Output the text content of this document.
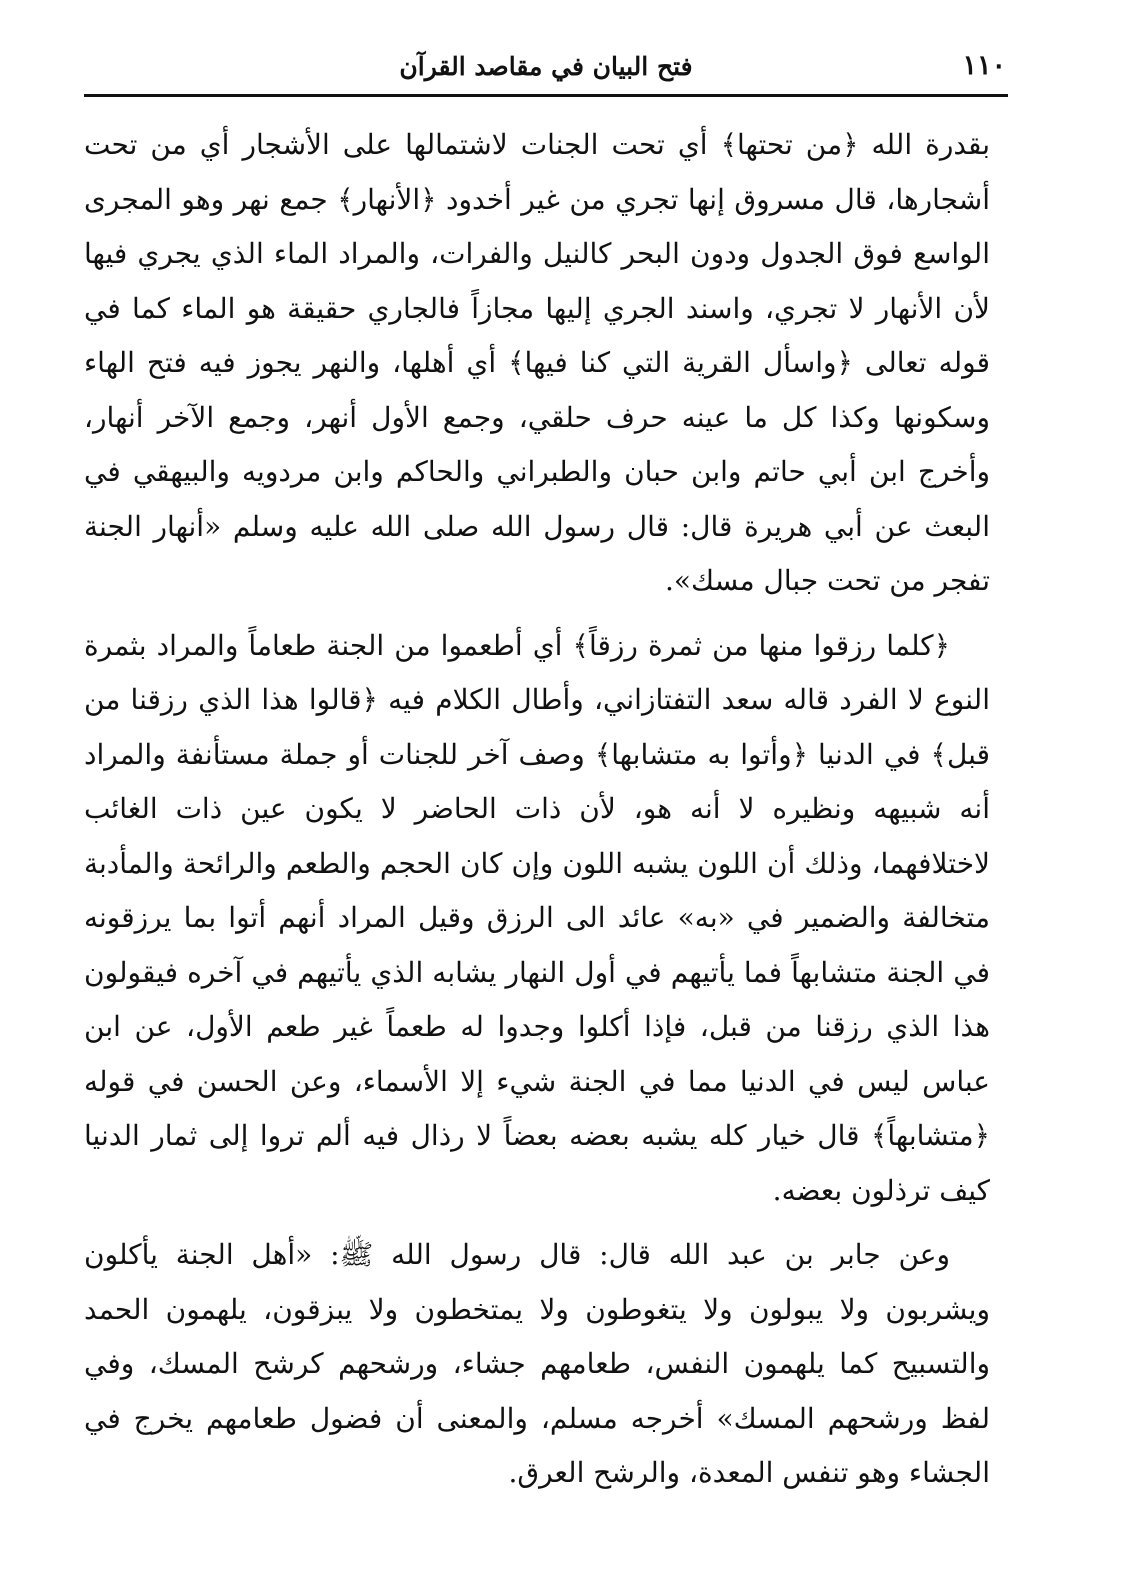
فتح البيان في مقاصد القرآن	١١٠

بقدرة الله ﴿من تحتها﴾ أي تحت الجنات لاشتمالها على الأشجار أي من تحت أشجارها، قال مسروق إنها تجري من غير أخدود ﴿الأنهار﴾ جمع نهر وهو المجرى الواسع فوق الجدول ودون البحر كالنيل والفرات، والمراد الماء الذي يجري فيها لأن الأنهار لا تجري، واسند الجري إليها مجازاً فالجاري حقيقة هو الماء كما في قوله تعالى ﴿واسأل القرية التي كنا فيها﴾ أي أهلها، والنهر يجوز فيه فتح الهاء وسكونها وكذا كل ما عينه حرف حلقي، وجمع الأول أنهر، وجمع الآخر أنهار، وأخرج ابن أبي حاتم وابن حبان والطبراني والحاكم وابن مردويه والبيهقي في البعث عن أبي هريرة قال: قال رسول الله صلى الله عليه وسلم «أنهار الجنة تفجر من تحت جبال مسك».

﴿كلما رزقوا منها من ثمرة رزقاً﴾ أي أطعموا من الجنة طعاماً والمراد بثمرة النوع لا الفرد قاله سعد التفتازاني، وأطال الكلام فيه ﴿قالوا هذا الذي رزقنا من قبل﴾ في الدنيا ﴿وأتوا به متشابها﴾ وصف آخر للجنات أو جملة مستأنفة والمراد أنه شبيهه ونظيره لا أنه هو، لأن ذات الحاضر لا يكون عين ذات الغائب لاختلافهما، وذلك أن اللون يشبه اللون وإن كان الحجم والطعم والرائحة والمأدبة متخالفة والضمير في «به» عائد الى الرزق وقيل المراد أنهم أتوا بما يرزقونه في الجنة متشابهاً فما يأتيهم في أول النهار يشابه الذي يأتيهم في آخره فيقولون هذا الذي رزقنا من قبل، فإذا أكلوا وجدوا له طعماً غير طعم الأول، عن ابن عباس ليس في الدنيا مما في الجنة شيء إلا الأسماء، وعن الحسن في قوله ﴿متشابهاً﴾ قال خيار كله يشبه بعضه بعضاً لا رذال فيه ألم تروا إلى ثمار الدنيا كيف ترذلون بعضه.

وعن جابر بن عبد الله قال: قال رسول الله ﷺ: «أهل الجنة يأكلون ويشربون ولا يبولون ولا يتغوطون ولا يمتخطون ولا يبزقون، يلهمون الحمد والتسبيح كما يلهمون النفس، طعامهم جشاء، ورشحهم كرشح المسك، وفي لفظ ورشحهم المسك» أخرجه مسلم، والمعنى أن فضول طعامهم يخرج في الجشاء وهو تنفس المعدة، والرشح العرق.
